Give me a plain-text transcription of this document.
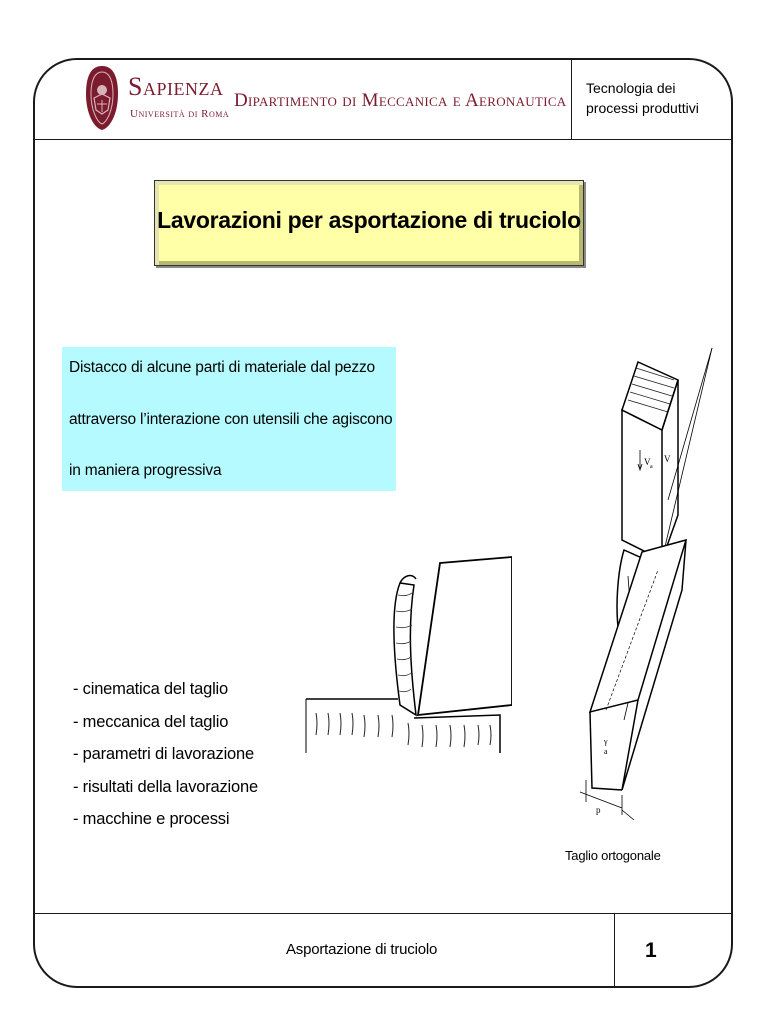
Sapienza
Università di Roma
Dipartimento di Meccanica e Aeronautica
Tecnologia dei
processi produttivi
Lavorazioni per asportazione di truciolo
Distacco di alcune parti di materiale dal pezzo
attraverso l’interazione con utensili che agiscono
in maniera progressiva
- cinematica del taglio
- meccanica del taglio
- parametri di lavorazione
- risultati della lavorazione
- macchine e processi
V a
V
γ
a
p
Taglio ortogonale
Asportazione di truciolo	1
